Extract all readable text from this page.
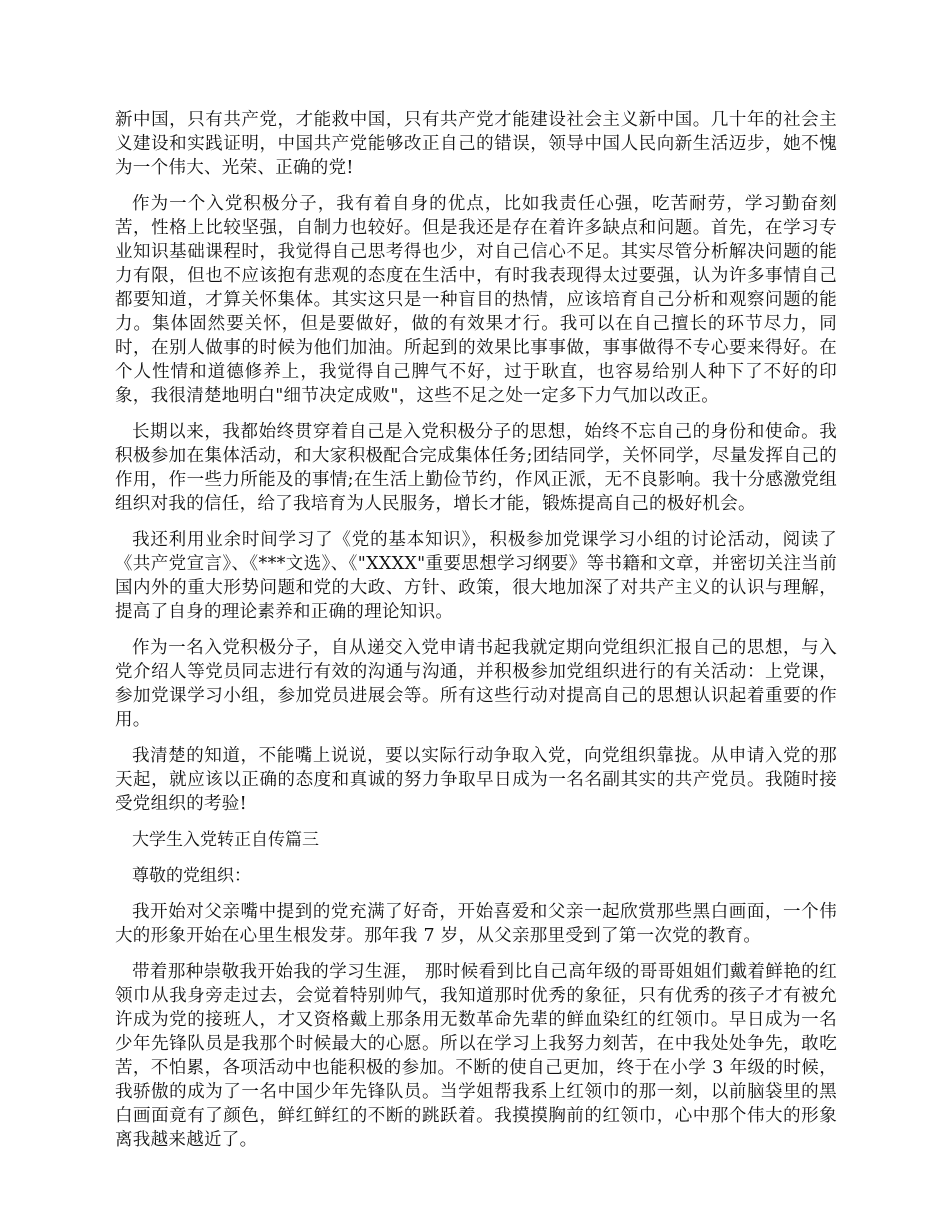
新中国，只有共产党，才能救中国，只有共产党才能建设社会主义新中国。几十年的社会主义建设和实践证明，中国共产党能够改正自己的错误，领导中国人民向新生活迈步，她不愧为一个伟大、光荣、正确的党!

作为一个入党积极分子，我有着自身的优点，比如我责任心强，吃苦耐劳，学习勤奋刻苦，性格上比较坚强，自制力也较好。但是我还是存在着许多缺点和问题。首先，在学习专业知识基础课程时，我觉得自己思考得也少，对自己信心不足。其实尽管分析解决问题的能力有限，但也不应该抱有悲观的态度在生活中，有时我表现得太过要强，认为许多事情自己都要知道，才算关怀集体。其实这只是一种盲目的热情，应该培育自己分析和观察问题的能力。集体固然要关怀，但是要做好，做的有效果才行。我可以在自己擅长的环节尽力，同时，在别人做事的时候为他们加油。所起到的效果比事事做，事事做得不专心要来得好。在个人性情和道德修养上，我觉得自己脾气不好，过于耿直，也容易给别人种下了不好的印象，我很清楚地明白"细节决定成败"，这些不足之处一定多下力气加以改正。

长期以来，我都始终贯穿着自己是入党积极分子的思想，始终不忘自己的身份和使命。我积极参加在集体活动，和大家积极配合完成集体任务;团结同学，关怀同学，尽量发挥自己的作用，作一些力所能及的事情;在生活上勤俭节约，作风正派，无不良影响。我十分感激党组 组织对我的信任，给了我培育为人民服务，增长才能，锻炼提高自己的极好机会。

我还利用业余时间学习了《党的基本知识》，积极参加党课学习小组的讨论活动，阅读了《共产党宣言》、《***文选》、《"XXXX"重要思想学习纲要》等书籍和文章，并密切关注当前国内外的重大形势问题和党的大政、方针、政策，很大地加深了对共产主义的认识与理解，提高了自身的理论素养和正确的理论知识。

作为一名入党积极分子，自从递交入党申请书起我就定期向党组织汇报自己的思想，与入党介绍人等党员同志进行有效的沟通与沟通，并积极参加党组织进行的有关活动：上党课，参加党课学习小组，参加党员进展会等。所有这些行动对提高自己的思想认识起着重要的作用。

我清楚的知道，不能嘴上说说，要以实际行动争取入党，向党组织靠拢。从申请入党的那天起，就应该以正确的态度和真诚的努力争取早日成为一名名副其实的共产党员。我随时接受党组织的考验!

大学生入党转正自传篇三

尊敬的党组织：

我开始对父亲嘴中提到的党充满了好奇，开始喜爱和父亲一起欣赏那些黑白画面，一个伟大的形象开始在心里生根发芽。那年我 7 岁，从父亲那里受到了第一次党的教育。

带着那种崇敬我开始我的学习生涯， 那时候看到比自己高年级的哥哥姐姐们戴着鲜艳的红领巾从我身旁走过去，会觉着特别帅气，我知道那时优秀的象征，只有优秀的孩子才有被允许成为党的接班人，才又资格戴上那条用无数革命先辈的鲜血染红的红领巾。早日成为一名少年先锋队员是我那个时候最大的心愿。所以在学习上我努力刻苦，在中我处处争先，敢吃苦，不怕累，各项活动中也能积极的参加。不断的使自己更加，终于在小学 3 年级的时候，我骄傲的成为了一名中国少年先锋队员。当学姐帮我系上红领巾的那一刻，以前脑袋里的黑白画面竟有了颜色，鲜红鲜红的不断的跳跃着。我摸摸胸前的红领巾，心中那个伟大的形象离我越来越近了。
